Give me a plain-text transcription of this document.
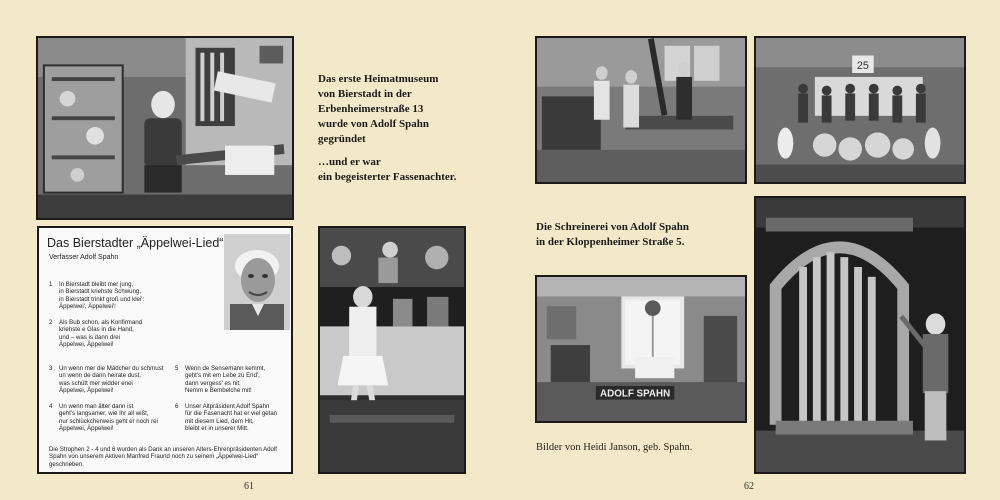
Das Bierstadter „Äppelwei-Lied“
Verfasser Adolf Spahn
1 In Bierstadt bleibt mer jung,
in Bierstadt kriehste Schwung,
in Bierstadt trinkt groß und klei':
Äppelwei', Äppelwei'!
2 Als Bub schon, als Konfirmand
kriehste e Glas in die Hand,
und – was is dann drei
Äppelwei, Äppelwei!
3 Un wenn mer die Mädcher du schmust
un wenn de dann heirate dust,
was schütt mer widder enei
Äppelwei, Äppelwei!
4 Un wenn man älter dann ist
geht's langsamer, wie Ihr all wißt,
nur schlückcherweis geht er noch rei
Äppelwei, Äppelwei!
5 Wenn de Sensemann kemmt,
geht's mit em Lebe zu End',
dann vergess' es nit:
Nemm e Bembelche mit!
6 Unser Altpräsident Adolf Spahn
für die Fasenacht hat er viel getan
mit diesem Lied, dem Hit,
bleibt er in unserer Mitt.
Die Strophen 2 - 4 und 6 wurden als Dank an unseren Alters-Ehrenpräsidenten Adolf Spahn von unserem Aktiven Manfred Fraund noch zu seinem „Äppelwei-Lied“ geschrieben.
Das erste Heimatmuseum
von Bierstadt in der
Erbenheimerstraße 13
wurde von Adolf Spahn
gegründet
…und er war
ein begeisterter Fassenachter.
61
25
Die Schreinerei von Adolf Spahn
in der Kloppenheimer Straße 5.
ADOLF SPAHN
Bilder von Heidi Janson, geb. Spahn.
62
